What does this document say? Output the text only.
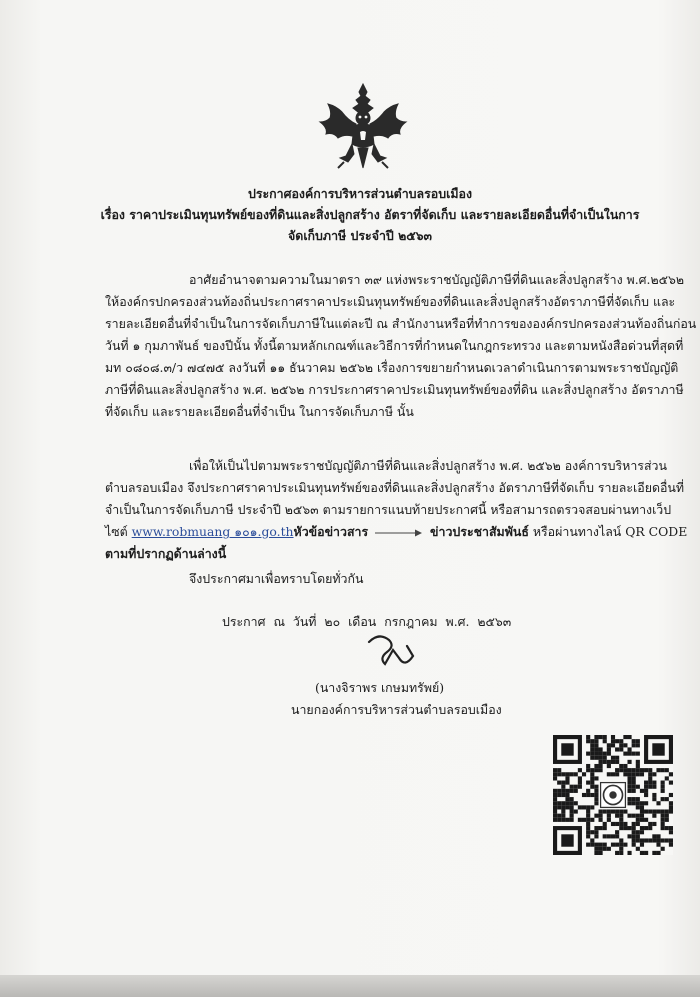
ประกาศองค์การบริหารส่วนตำบลรอบเมือง
เรื่อง ราคาประเมินทุนทรัพย์ของที่ดินและสิ่งปลูกสร้าง อัตราที่จัดเก็บ และรายละเอียดอื่นที่จำเป็นในการ
จัดเก็บภาษี ประจำปี ๒๕๖๓
อาศัยอำนาจตามความในมาตรา ๓๙ แห่งพระราชบัญญัติภาษีที่ดินและสิ่งปลูกสร้าง พ.ศ.๒๕๖๒
ให้องค์กรปกครองส่วนท้องถิ่นประกาศราคาประเมินทุนทรัพย์ของที่ดินและสิ่งปลูกสร้างอัตราภาษีที่จัดเก็บ และ
รายละเอียดอื่นที่จำเป็นในการจัดเก็บภาษีในแต่ละปี ณ สำนักงานหรือที่ทำการขององค์กรปกครองส่วนท้องถิ่นก่อน
วันที่ ๑ กุมภาพันธ์ ของปีนั้น ทั้งนี้ตามหลักเกณฑ์และวิธีการที่กำหนดในกฎกระทรวง และตามหนังสือด่วนที่สุดที่
มท ๐๘๐๘.๓/ว ๗๔๗๕ ลงวันที่ ๑๑ ธันวาคม ๒๕๖๒ เรื่องการขยายกำหนดเวลาดำเนินการตามพระราชบัญญัติ
ภาษีที่ดินและสิ่งปลูกสร้าง พ.ศ. ๒๕๖๒ การประกาศราคาประเมินทุนทรัพย์ของที่ดิน และสิ่งปลูกสร้าง อัตราภาษี
ที่จัดเก็บ และรายละเอียดอื่นที่จำเป็น ในการจัดเก็บภาษี นั้น
เพื่อให้เป็นไปตามพระราชบัญญัติภาษีที่ดินและสิ่งปลูกสร้าง พ.ศ. ๒๕๖๒ องค์การบริหารส่วน
ตำบลรอบเมือง จึงประกาศราคาประเมินทุนทรัพย์ของที่ดินและสิ่งปลูกสร้าง อัตราภาษีที่จัดเก็บ รายละเอียดอื่นที่
จำเป็นในการจัดเก็บภาษี ประจำปี ๒๕๖๓ ตามรายการแนบท้ายประกาศนี้ หรือสามารถตรวจสอบผ่านทางเว็ป
ไซต์ www.robmuang ๑๐๑.go.thหัวข้อข่าวสาร	ข่าวประชาสัมพันธ์ หรือผ่านทางไลน์ QR CODE
ตามที่ปรากฏด้านล่างนี้
จึงประกาศมาเพื่อทราบโดยทั่วกัน
ประกาศ ณ วันที่ ๒๐ เดือน กรกฎาคม พ.ศ. ๒๕๖๓
(นางจิราพร เกษมทรัพย์)
นายกองค์การบริหารส่วนตำบลรอบเมือง
